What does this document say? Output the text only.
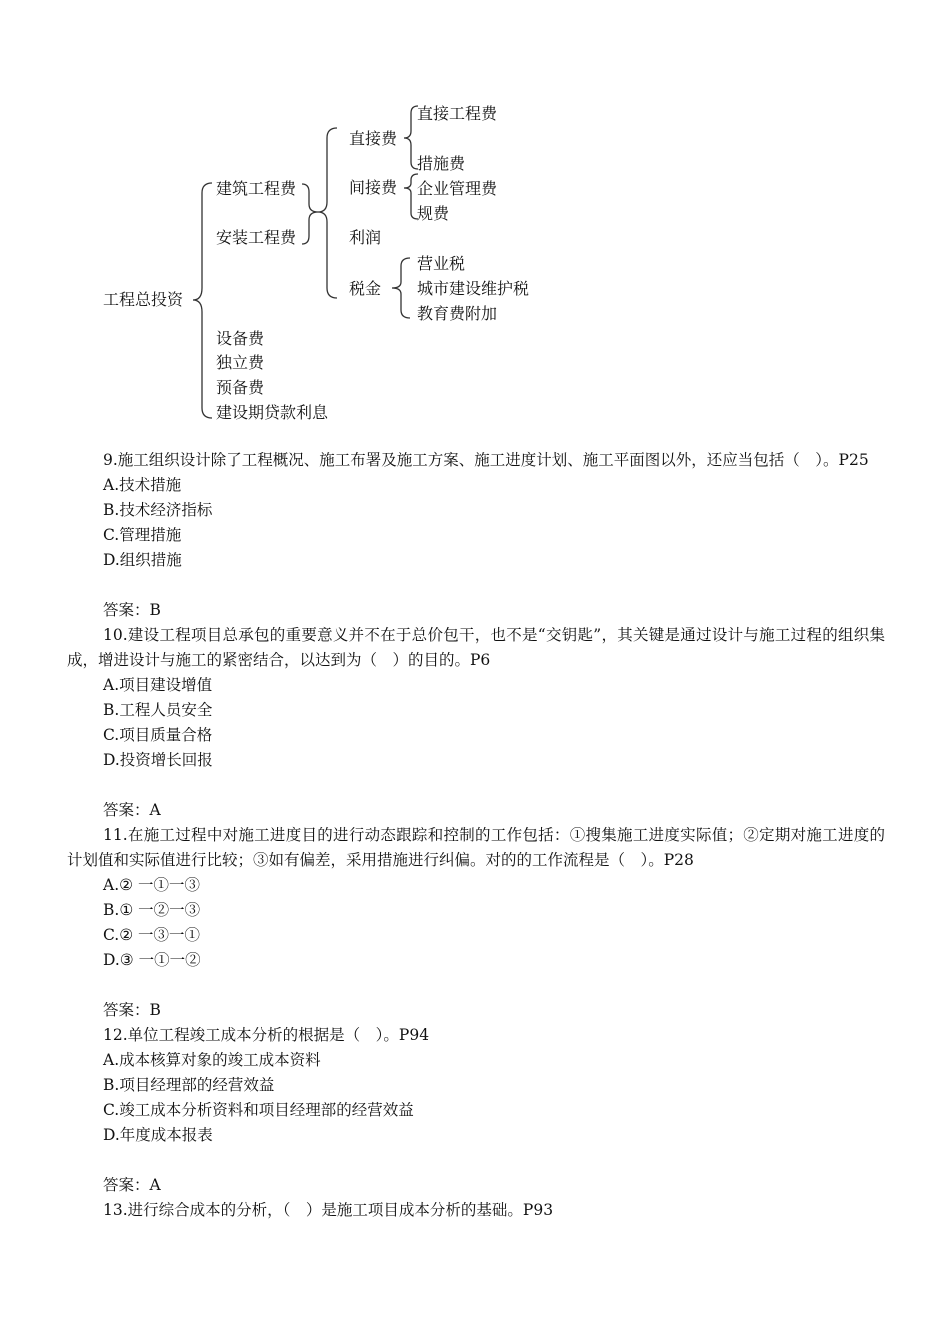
工程总投资
建筑工程费
安装工程费
直接费
间接费
利润
税金
直接工程费
措施费
企业管理费
规费
营业税
城市建设维护税
教育费附加
设备费
独立费
预备费
建设期贷款利息

9.施工组织设计除了工程概况、施工布署及施工方案、施工进度计划、施工平面图以外，还应当包括（　）。P25

A.技术措施

B.技术经济指标

C.管理措施

D.组织措施

答案：B

10.建设工程项目总承包的重要意义并不在于总价包干，也不是“交钥匙”，其关键是通过设计与施工过程的组织集成，增进设计与施工的紧密结合，以达到为（　）的目的。P6

A.项目建设增值

B.工程人员安全

C.项目质量合格

D.投资增长回报

答案：A

11.在施工过程中对施工进度目的进行动态跟踪和控制的工作包括：①搜集施工进度实际值；②定期对施工进度的计划值和实际值进行比较；③如有偏差，采用措施进行纠偏。对的的工作流程是（　）。P28

A.② 一①一③

B.① 一②一③

C.② 一③一①

D.③ 一①一②

答案：B

12.单位工程竣工成本分析的根据是（　）。P94

A.成本核算对象的竣工成本资料

B.项目经理部的经营效益

C.竣工成本分析资料和项目经理部的经营效益

D.年度成本报表

答案：A

13.进行综合成本的分析，（　）是施工项目成本分析的基础。P93
